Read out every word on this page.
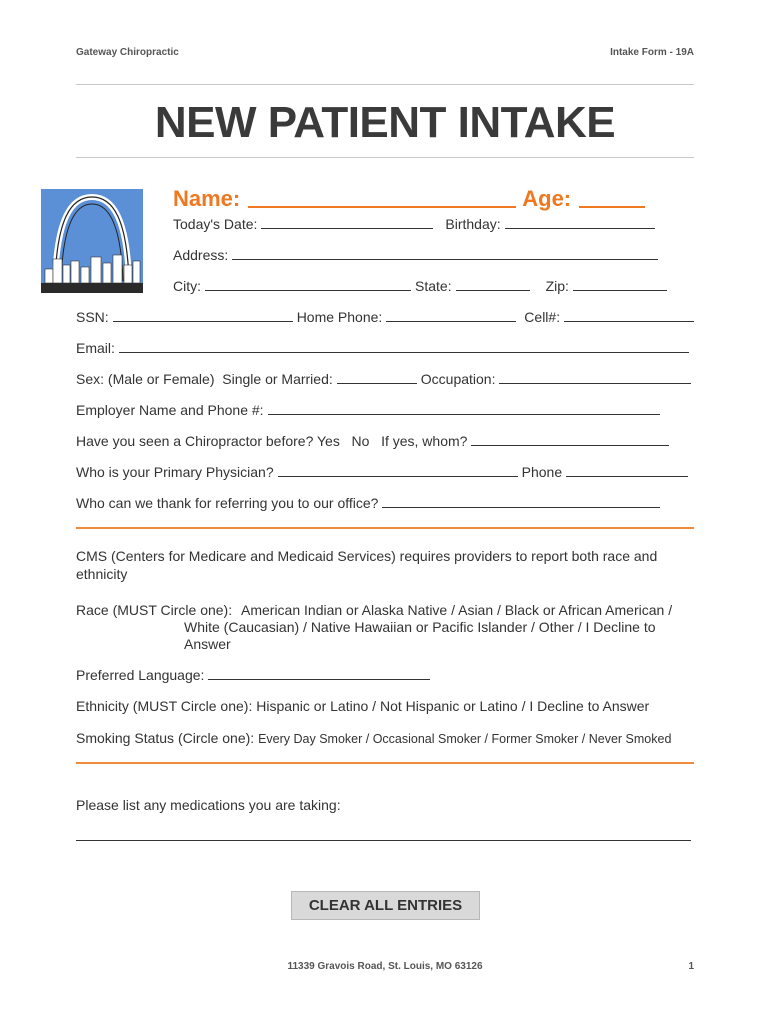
Gateway Chiropractic	Intake Form - 19A
NEW PATIENT INTAKE
Name:	Age:
Today's Date:	Birthday:
Address:
City:	State:	Zip:
SSN:	Home Phone:	Cell#:
Email:
Sex: (Male or Female)  Single or Married:	Occupation:
Employer Name and Phone #:
Have you seen a Chiropractor before? Yes   No   If yes, whom?
Who is your Primary Physician?	Phone
Who can we thank for referring you to our office?
CMS (Centers for Medicare and Medicaid Services) requires providers to report both race and ethnicity
Race (MUST Circle one): American Indian or Alaska Native / Asian / Black or African American /
White (Caucasian) / Native Hawaiian or Pacific Islander / Other / I Decline to
Answer
Preferred Language:
Ethnicity (MUST Circle one): Hispanic or Latino / Not Hispanic or Latino / I Decline to Answer
Smoking Status (Circle one): Every Day Smoker / Occasional Smoker / Former Smoker / Never Smoked
Please list any medications you are taking:
CLEAR ALL ENTRIES
11339 Gravois Road, St. Louis, MO 63126	1
